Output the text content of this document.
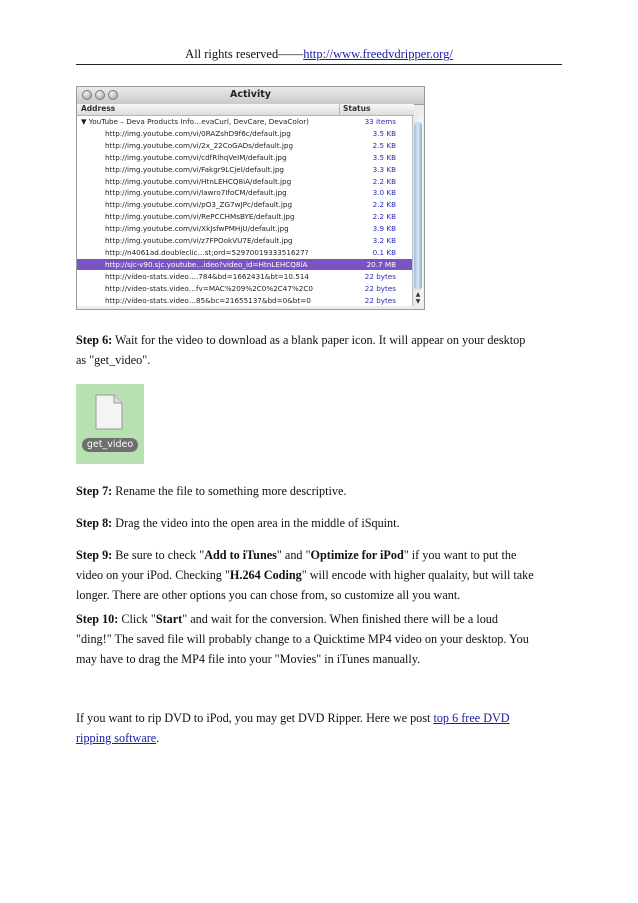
All rights reserved——http://www.freedvdripper.org/
Activity
Address	Status
▼ YouTube – Deva Products Info…evaCurl, DevCare, DevaColor)	33 items
http://img.youtube.com/vi/0RAZshD9f6c/default.jpg	3.5 KB
http://img.youtube.com/vi/2x_22CoGADs/default.jpg	2.5 KB
http://img.youtube.com/vi/cdfRlhqVeIM/default.jpg	3.5 KB
http://img.youtube.com/vi/Fakgr9LCjeI/default.jpg	3.3 KB
http://img.youtube.com/vi/HtnLEHCQ8iA/default.jpg	2.2 KB
http://img.youtube.com/vi/Iawro7IfoCM/default.jpg	3.0 KB
http://img.youtube.com/vi/pO3_ZG7wJPc/default.jpg	2.2 KB
http://img.youtube.com/vi/RePCCHMsBYE/default.jpg	2.2 KB
http://img.youtube.com/vi/XkJsfwPMHjU/default.jpg	3.9 KB
http://img.youtube.com/vi/z7FPOokVU7E/default.jpg	3.2 KB
http://n4061ad.doubleclic…st;ord=5297001933351627?	0.1 KB
http://sjc-v90.sjc.youtube…ideo?video_id=HtnLEHCQ8iA	20.7 MB
http://video-stats.video….784&bd=1662431&bt=10.514	22 bytes
http://video-stats.video…fv=MAC%209%2C0%2C47%2C0	22 bytes
http://video-stats.video…85&bc=21655137&bd=0&bt=0	22 bytes
▲
▼
Step 6: Wait for the video to download as a blank paper icon. It will appear on your desktop
as "get_video".
get_video
Step 7: Rename the file to something more descriptive.
Step 8: Drag the video into the open area in the middle of iSquint.
Step 9: Be sure to check "Add to iTunes" and "Optimize for iPod" if you want to put the
video on your iPod. Checking "H.264 Coding" will encode with higher qualaity, but will take
longer. There are other options you can chose from, so customize all you want.
Step 10: Click "Start" and wait for the conversion. When finished there will be a loud
"ding!" The saved file will probably change to a Quicktime MP4 video on your desktop. You
may have to drag the MP4 file into your "Movies" in iTunes manually.
If you want to rip DVD to iPod, you may get DVD Ripper. Here we post top 6 free DVD
ripping software.
